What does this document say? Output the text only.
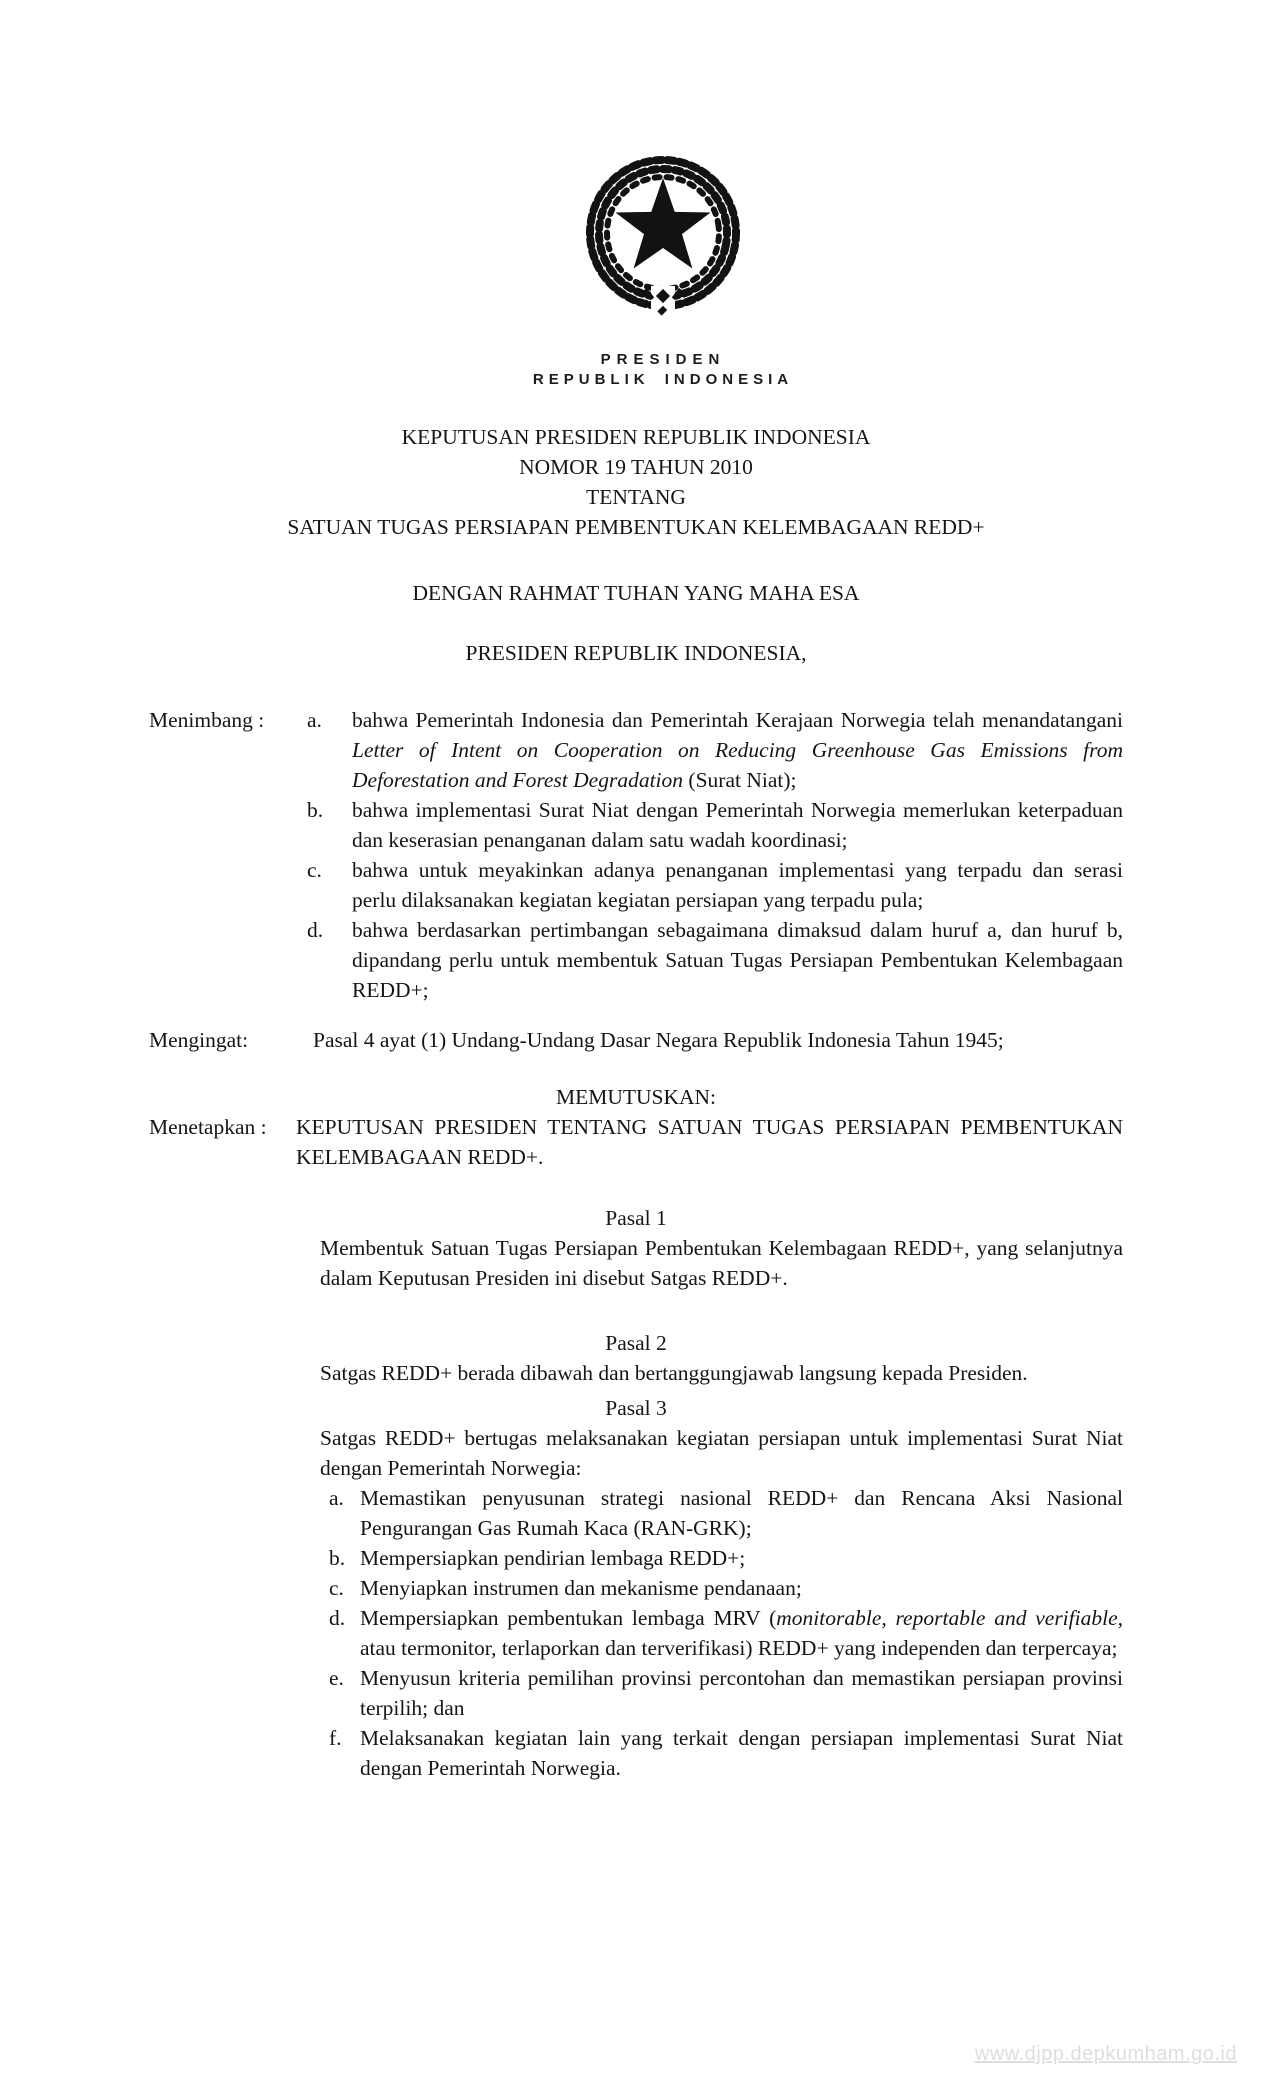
PRESIDEN
REPUBLIK INDONESIA
KEPUTUSAN PRESIDEN REPUBLIK INDONESIA
NOMOR 19 TAHUN 2010
TENTANG
SATUAN TUGAS PERSIAPAN PEMBENTUKAN KELEMBAGAAN REDD+
DENGAN RAHMAT TUHAN YANG MAHA ESA
PRESIDEN REPUBLIK INDONESIA,
Menimbang :	a.	bahwa Pemerintah Indonesia dan Pemerintah Kerajaan Norwegia telah menandatangani Letter of Intent on Cooperation on Reducing Greenhouse Gas Emissions from Deforestation and Forest Degradation (Surat Niat);
b.	bahwa implementasi Surat Niat dengan Pemerintah Norwegia memerlukan keterpaduan dan keserasian penanganan dalam satu wadah koordinasi;
c.	bahwa untuk meyakinkan adanya penanganan implementasi yang terpadu dan serasi perlu dilaksanakan kegiatan kegiatan persiapan yang terpadu pula;
d.	bahwa berdasarkan pertimbangan sebagaimana dimaksud dalam huruf a, dan huruf b, dipandang perlu untuk membentuk Satuan Tugas Persiapan Pembentukan Kelembagaan REDD+;
Mengingat:	Pasal 4 ayat (1) Undang-Undang Dasar Negara Republik Indonesia Tahun 1945;
MEMUTUSKAN:
Menetapkan :	KEPUTUSAN PRESIDEN TENTANG SATUAN TUGAS PERSIAPAN PEMBENTUKAN KELEMBAGAAN REDD+.
Pasal 1
Membentuk Satuan Tugas Persiapan Pembentukan Kelembagaan REDD+, yang selanjutnya dalam Keputusan Presiden ini disebut Satgas REDD+.
Pasal 2
Satgas REDD+ berada dibawah dan bertanggungjawab langsung kepada Presiden.
Pasal 3
Satgas REDD+ bertugas melaksanakan kegiatan persiapan untuk implementasi Surat Niat dengan Pemerintah Norwegia:
a. Memastikan penyusunan strategi nasional REDD+ dan Rencana Aksi Nasional Pengurangan Gas Rumah Kaca (RAN-GRK);
b. Mempersiapkan pendirian lembaga REDD+;
c. Menyiapkan instrumen dan mekanisme pendanaan;
d. Mempersiapkan pembentukan lembaga MRV (monitorable, reportable and verifiable, atau termonitor, terlaporkan dan terverifikasi) REDD+ yang independen dan terpercaya;
e. Menyusun kriteria pemilihan provinsi percontohan dan memastikan persiapan provinsi terpilih; dan
f. Melaksanakan kegiatan lain yang terkait dengan persiapan implementasi Surat Niat dengan Pemerintah Norwegia.
www.djpp.depkumham.go.id
